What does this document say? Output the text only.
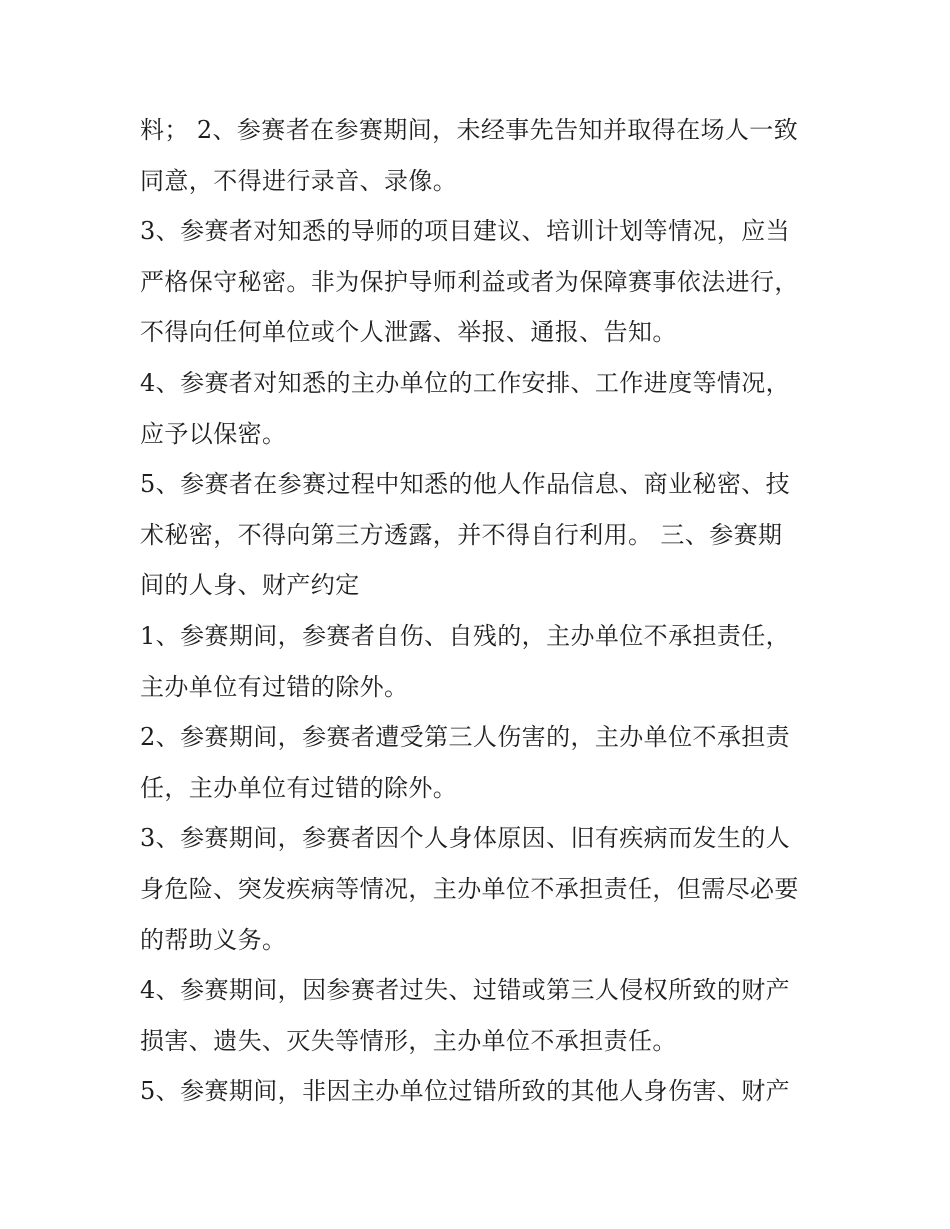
料； 2、参赛者在参赛期间，未经事先告知并取得在场人一致
同意，不得进行录音、录像。
3、参赛者对知悉的导师的项目建议、培训计划等情况，应当
严格保守秘密。非为保护导师利益或者为保障赛事依法进行，
不得向任何单位或个人泄露、举报、通报、告知。
4、参赛者对知悉的主办单位的工作安排、工作进度等情况，
应予以保密。
5、参赛者在参赛过程中知悉的他人作品信息、商业秘密、技
术秘密，不得向第三方透露，并不得自行利用。 三、参赛期
间的人身、财产约定
1、参赛期间，参赛者自伤、自残的，主办单位不承担责任，
主办单位有过错的除外。
2、参赛期间，参赛者遭受第三人伤害的，主办单位不承担责
任，主办单位有过错的除外。
3、参赛期间，参赛者因个人身体原因、旧有疾病而发生的人
身危险、突发疾病等情况，主办单位不承担责任，但需尽必要
的帮助义务。
4、参赛期间，因参赛者过失、过错或第三人侵权所致的财产
损害、遗失、灭失等情形，主办单位不承担责任。
5、参赛期间，非因主办单位过错所致的其他人身伤害、财产
